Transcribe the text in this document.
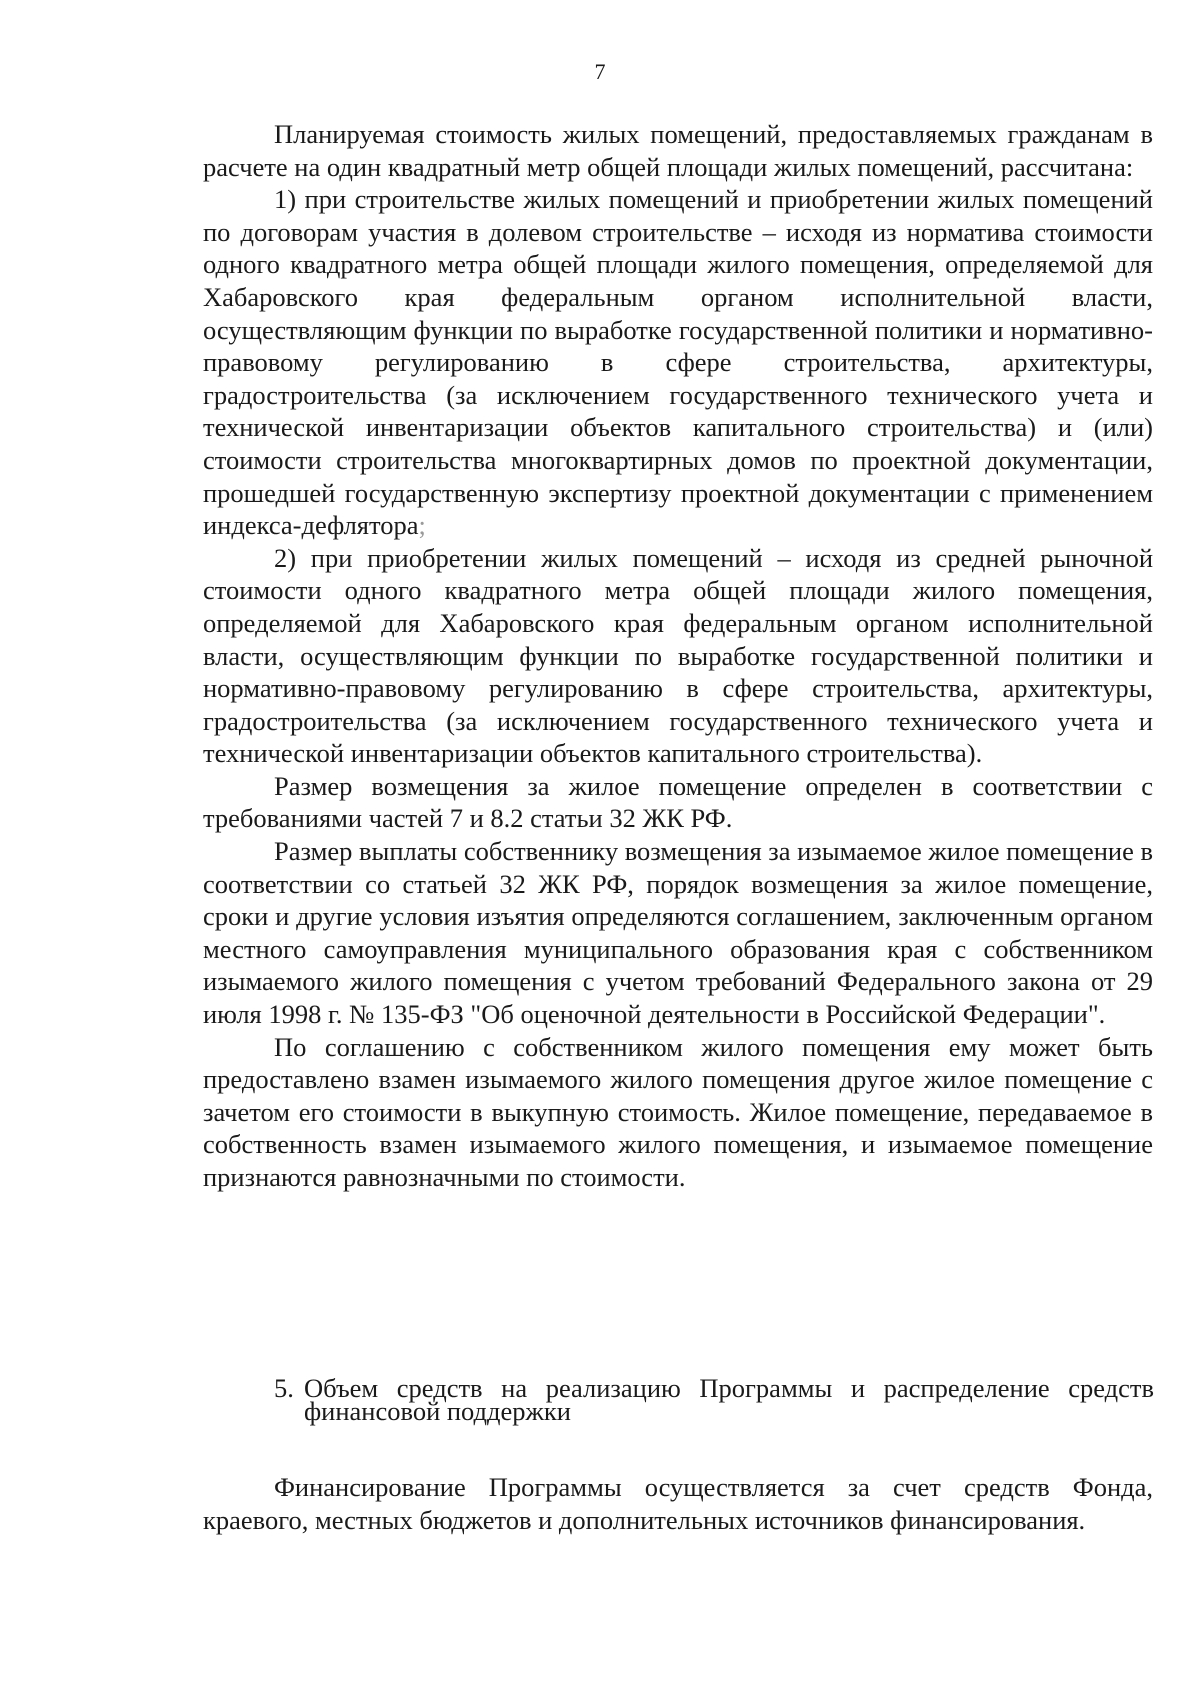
7

Планируемая стоимость жилых помещений, предоставляемых гражданам в расчете на один квадратный метр общей площади жилых помещений, рассчитана:

1) при строительстве жилых помещений и приобретении жилых помещений по договорам участия в долевом строительстве – исходя из норматива стоимости одного квадратного метра общей площади жилого помещения, определяемой для Хабаровского края федеральным органом исполнительной власти, осуществляющим функции по выработке государственной политики и нормативно-правовому регулированию в сфере строительства, архитектуры, градостроительства (за исключением государственного технического учета и технической инвентаризации объектов капитального строительства) и (или) стоимости строительства многоквартирных домов по проектной документации, прошедшей государственную экспертизу проектной документации с применением индекса-дефлятора;

2) при приобретении жилых помещений – исходя из средней рыночной стоимости одного квадратного метра общей площади жилого помещения, определяемой для Хабаровского края федеральным органом исполнительной власти, осуществляющим функции по выработке государственной политики и нормативно-правовому регулированию в сфере строительства, архитектуры, градостроительства (за исключением государственного технического учета и технической инвентаризации объектов капитального строительства).

Размер возмещения за жилое помещение определен в соответствии с требованиями частей 7 и 8.2 статьи 32 ЖК РФ.

Размер выплаты собственнику возмещения за изымаемое жилое помещение в соответствии со статьей 32 ЖК РФ, порядок возмещения за жилое помещение, сроки и другие условия изъятия определяются соглашением, заключенным органом местного самоуправления муниципального образования края с собственником изымаемого жилого помещения с учетом требований Федерального закона от 29 июля 1998 г. № 135-ФЗ "Об оценочной деятельности в Российской Федерации".

По соглашению с собственником жилого помещения ему может быть предоставлено взамен изымаемого жилого помещения другое жилое помещение с зачетом его стоимости в выкупную стоимость. Жилое помещение, передаваемое в собственность взамен изымаемого жилого помещения, и изымаемое помещение признаются равнозначными по стоимости.

5. Объем средств на реализацию Программы и распределение средств финансовой поддержки

Финансирование Программы осуществляется за счет средств Фонда, краевого, местных бюджетов и дополнительных источников финансирования.
